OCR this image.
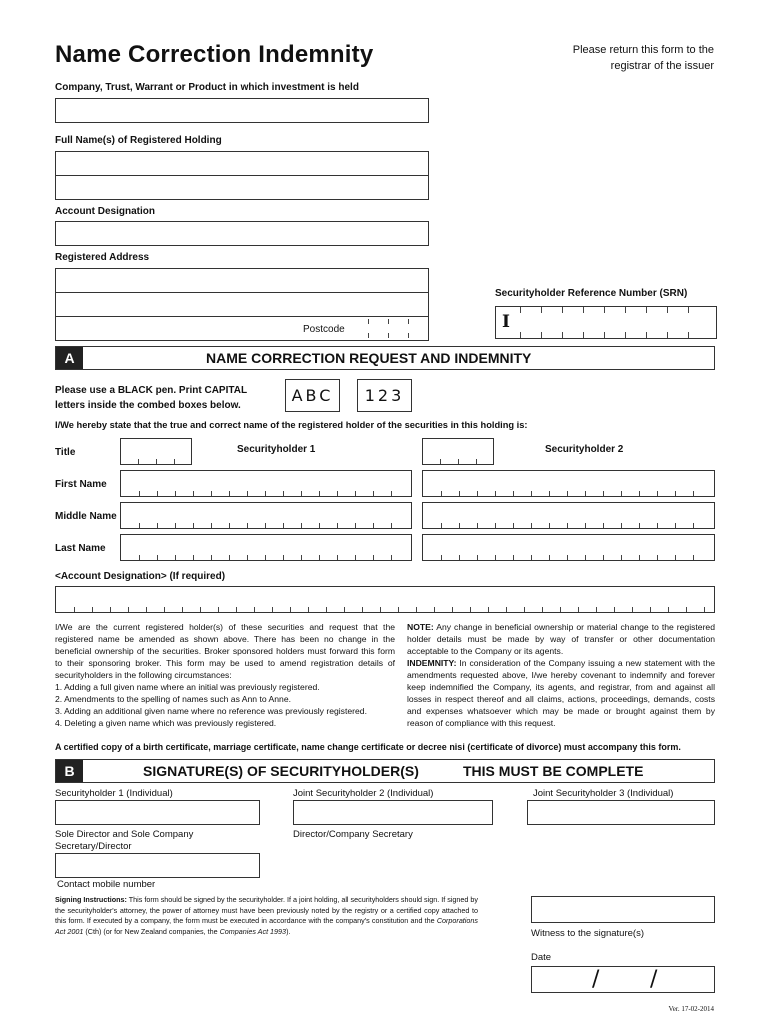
Name Correction Indemnity	Please return this form to the
registrar of the issuer
Company, Trust, Warrant or Product in which investment is held
Full Name(s) of Registered Holding
Account Designation
Registered Address
Postcode
Securityholder Reference Number (SRN)
I
A	NAME CORRECTION REQUEST AND INDEMNITY
Please use a BLACK pen. Print CAPITAL
letters inside the combed boxes below.
ABC	123
I/We hereby state that the true and correct name of the registered holder of the securities in this holding is:
Title	Securityholder 1	Securityholder 2
First Name
Middle Name
Last Name
<Account Designation> (If required)

I/We are the current registered holder(s) of these securities and request that the registered name be amended as shown above. There has been no change in the beneficial ownership of the securities. Broker sponsored holders must forward this form to their sponsoring broker. This form may be used to amend registration details of securityholders in the following circumstances:

1. Adding a full given name where an initial was previously registered.

2. Amendments to the spelling of names such as Ann to Anne.

3. Adding an additional given name where no reference was previously registered.

4. Deleting a given name which was previously registered.

NOTE: Any change in beneficial ownership or material change to the registered holder details must be made by way of transfer or other documentation acceptable to the Company or its agents.

INDEMNITY: In consideration of the Company issuing a new statement with the amendments requested above, I/we hereby covenant to indemnify and forever keep indemnified the Company, its agents, and registrar, from and against all losses in respect thereof and all claims, actions, proceedings, demands, costs and expenses whatsoever which may be made or brought against them by reason of compliance with this request.

A certified copy of a birth certificate, marriage certificate, name change certificate or decree nisi (certificate of divorce) must accompany this form.
B	SIGNATURE(S) OF SECURITYHOLDER(S)	THIS MUST BE COMPLETE
Securityholder 1 (Individual)	Joint Securityholder 2 (Individual)	Joint Securityholder 3 (Individual)
Sole Director and Sole Company
Secretary/Director
Director/Company Secretary
Contact mobile number
Signing Instructions: This form should be signed by the securityholder. If a joint holding, all securityholders should sign. If signed by the securityholder's attorney, the power of attorney must have been previously noted by the registry or a certified copy attached to this form. If executed by a company, the form must be executed in accordance with the company's constitution and the Corporations Act 2001 (Cth) (or for New Zealand companies, the Companies Act 1993).	Witness to the signature(s)
Date
/ /
Ver. 17-02-2014
